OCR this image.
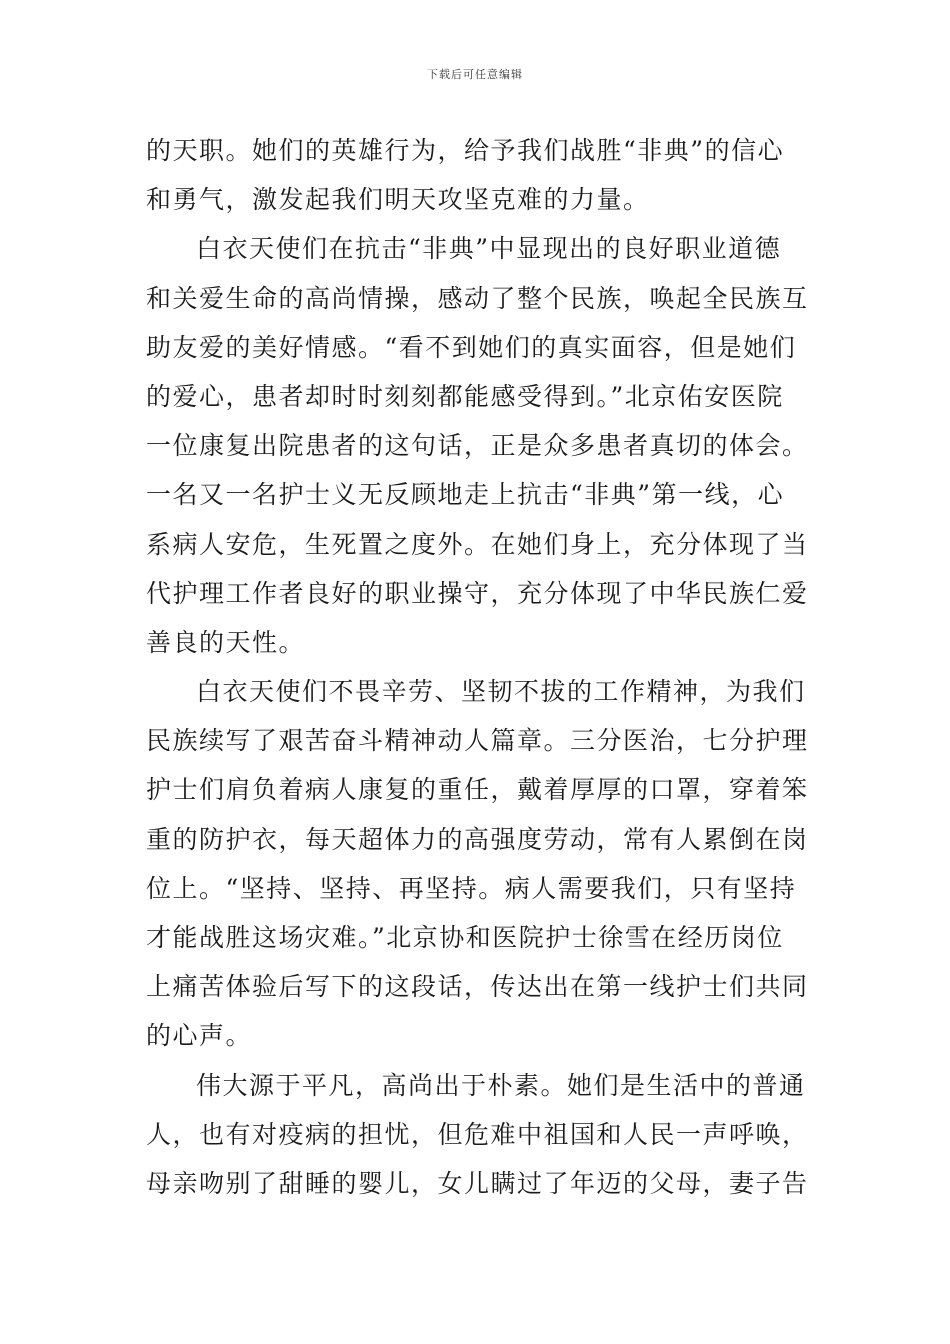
下载后可任意编辑
的天职。她们的英雄行为，给予我们战胜“非典”的信心
和勇气，激发起我们明天攻坚克难的力量。
白衣天使们在抗击“非典”中显现出的良好职业道德
和关爱生命的高尚情操，感动了整个民族，唤起全民族互
助友爱的美好情感。“看不到她们的真实面容，但是她们
的爱心，患者却时时刻刻都能感受得到。”北京佑安医院
一位康复出院患者的这句话，正是众多患者真切的体会。
一名又一名护士义无反顾地走上抗击“非典”第一线，心
系病人安危，生死置之度外。在她们身上，充分体现了当
代护理工作者良好的职业操守，充分体现了中华民族仁爱
善良的天性。
白衣天使们不畏辛劳、坚韧不拔的工作精神，为我们
民族续写了艰苦奋斗精神动人篇章。三分医治，七分护理
护士们肩负着病人康复的重任，戴着厚厚的口罩，穿着笨
重的防护衣，每天超体力的高强度劳动，常有人累倒在岗
位上。“坚持、坚持、再坚持。病人需要我们，只有坚持
才能战胜这场灾难。”北京协和医院护士徐雪在经历岗位
上痛苦体验后写下的这段话，传达出在第一线护士们共同
的心声。
伟大源于平凡，高尚出于朴素。她们是生活中的普通
人，也有对疫病的担忧，但危难中祖国和人民一声呼唤，
母亲吻别了甜睡的婴儿，女儿瞒过了年迈的父母，妻子告
